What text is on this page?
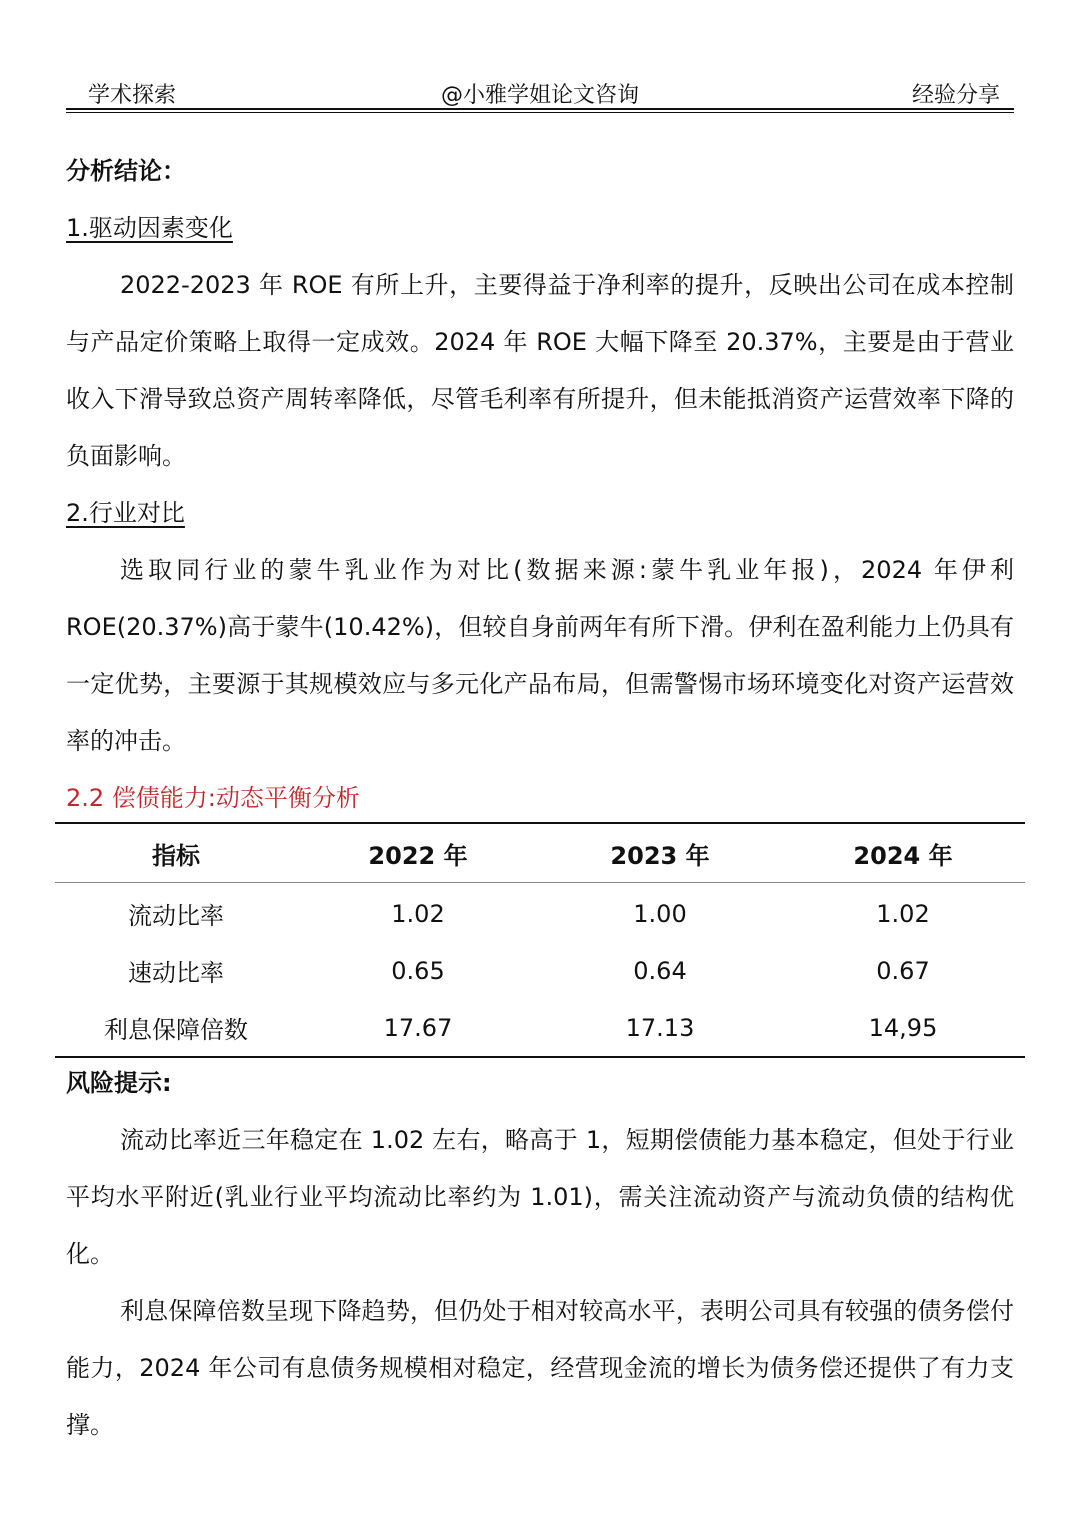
@小雅学姐论文咨询
学术探索	经验分享

分析结论：

1.驱动因素变化

2022-2023 年 ROE 有所上升，主要得益于净利率的提升，反映出公司在成本控制与产品定价策略上取得一定成效。2024 年 ROE 大幅下降至 20.37%，主要是由于营业收入下滑导致总资产周转率降低，尽管毛利率有所提升，但未能抵消资产运营效率下降的负面影响。

2.行业对比

选取同行业的蒙牛乳业作为对比(数据来源:蒙牛乳业年报)，2024 年伊利 ROE(20.37%)高于蒙牛(10.42%)，但较自身前两年有所下滑。伊利在盈利能力上仍具有一定优势，主要源于其规模效应与多元化产品布局，但需警惕市场环境变化对资产运营效率的冲击。

2.2 偿债能力:动态平衡分析

指标	2022 年	2023 年	2024 年
流动比率	1.02	1.00	1.02
速动比率	0.65	0.64	0.67
利息保障倍数	17.67	17.13	14,95

风险提示:

流动比率近三年稳定在 1.02 左右，略高于 1，短期偿债能力基本稳定，但处于行业平均水平附近(乳业行业平均流动比率约为 1.01)，需关注流动资产与流动负债的结构优化。

利息保障倍数呈现下降趋势，但仍处于相对较高水平，表明公司具有较强的债务偿付能力，2024 年公司有息债务规模相对稳定，经营现金流的增长为债务偿还提供了有力支撑。
